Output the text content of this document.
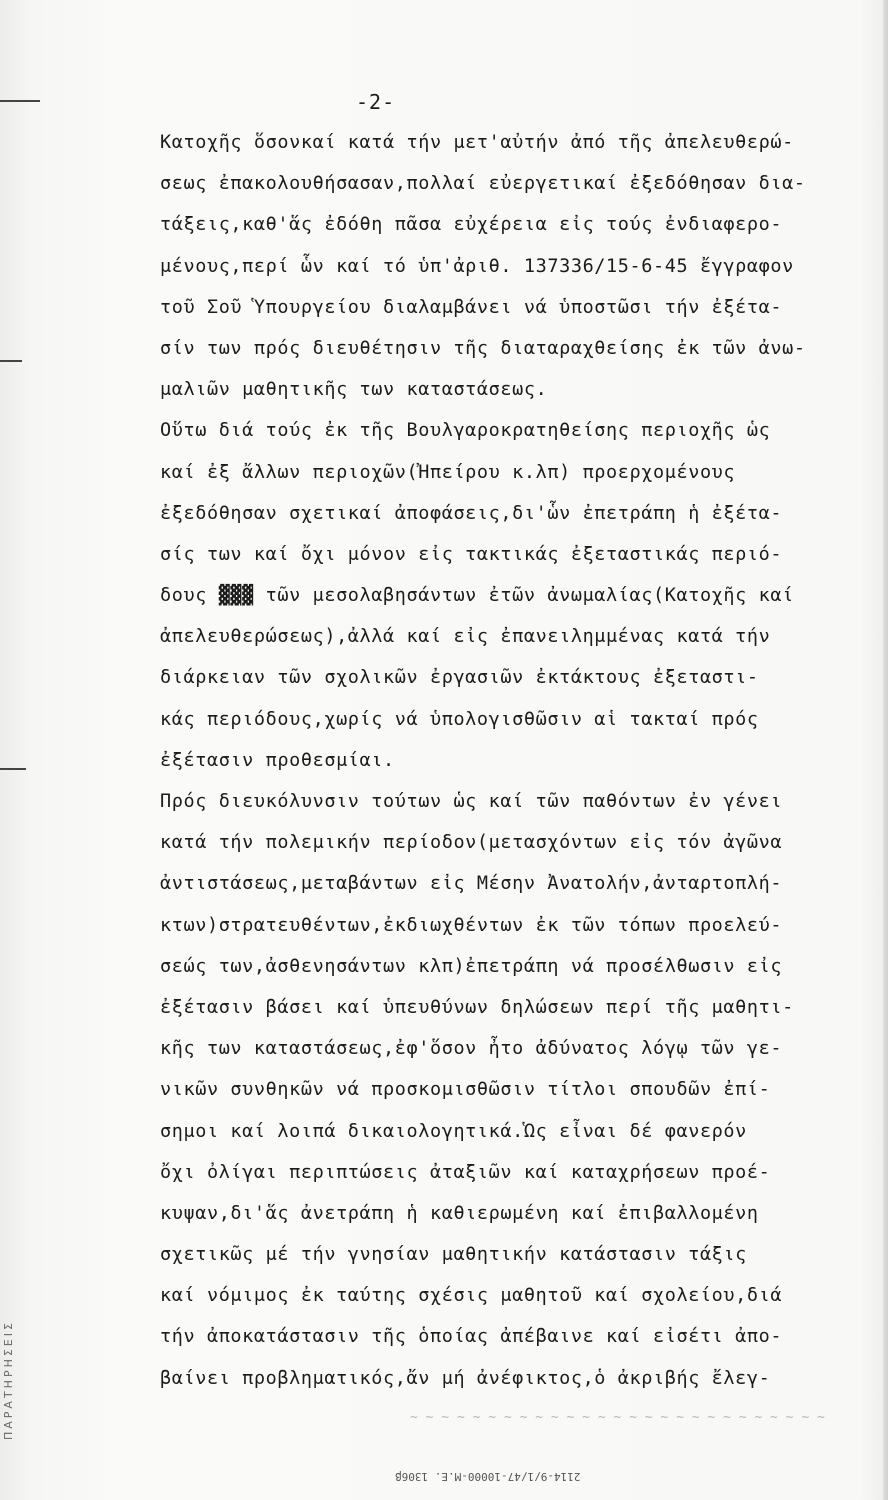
-2-
Κατοχῆς ὅσονκαί κατά τήν μετ'αὐτήν ἀπό τῆς ἀπελευθερώ-
σεως ἐπακολουθήσασαν,πολλαί εὐεργετικαί ἐξεδόθησαν δια-
τάξεις,καθ'ἅς ἐδόθη πᾶσα εὐχέρεια εἰς τούς ἐνδιαφερο-
μένους,περί ὧν καί τό ὑπ'ἀριθ. 137336/15-6-45 ἔγγραφον
τοῦ Σοῦ Ὑπουργείου διαλαμβάνει νά ὑποστῶσι τήν ἐξέτα-
σίν των πρός διευθέτησιν τῆς διαταραχθείσης ἐκ τῶν ἀνω-
μαλιῶν μαθητικῆς των καταστάσεως.
Οὕτω διά τούς ἐκ τῆς Βουλγαροκρατηθείσης περιοχῆς ὡς
καί ἐξ ἄλλων περιοχῶν(Ἠπείρου κ.λπ) προερχομένους
ἐξεδόθησαν σχετικαί ἀποφάσεις,δι'ὧν ἐπετράπη ἡ ἐξέτα-
σίς των καί ὄχι μόνον εἰς τακτικάς ἐξεταστικάς περιό-
δους ▓▓▓ τῶν μεσολαβησάντων ἐτῶν ἀνωμαλίας(Κατοχῆς καί
ἀπελευθερώσεως),ἀλλά καί εἰς ἐπανειλημμένας κατά τήν
διάρκειαν τῶν σχολικῶν ἐργασιῶν ἐκτάκτους ἐξεταστι-
κάς περιόδους,χωρίς νά ὑπολογισθῶσιν αἱ τακταί πρός
ἐξέτασιν προθεσμίαι.
Πρός διευκόλυνσιν τούτων ὡς καί τῶν παθόντων ἐν γένει
κατά τήν πολεμικήν περίοδον(μετασχόντων εἰς τόν ἀγῶνα
ἀντιστάσεως,μεταβάντων εἰς Μέσην Ἀνατολήν,ἀνταρτοπλή-
κτων)στρατευθέντων,ἐκδιωχθέντων ἐκ τῶν τόπων προελεύ-
σεώς των,ἀσθενησάντων κλπ)ἐπετράπη νά προσέλθωσιν εἰς
ἐξέτασιν βάσει καί ὑπευθύνων δηλώσεων περί τῆς μαθητι-
κῆς των καταστάσεως,ἐφ'ὅσον ἦτο ἀδύνατος λόγῳ τῶν γε-
νικῶν συνθηκῶν νά προσκομισθῶσιν τίτλοι σπουδῶν ἐπί-
σημοι καί λοιπά δικαιολογητικά.Ὡς εἶναι δέ φανερόν
ὄχι ὀλίγαι περιπτώσεις ἀταξιῶν καί καταχρήσεων προέ-
κυψαν,δι'ἅς ἀνετράπη ἡ καθιερωμένη καί ἐπιβαλλομένη
σχετικῶς μέ τήν γνησίαν μαθητικήν κατάστασιν τάξις
καί νόμιμος ἐκ ταύτης σχέσις μαθητοῦ καί σχολείου,διά
τήν ἀποκατάστασιν τῆς ὁποίας ἀπέβαινε καί εἰσέτι ἀπο-
βαίνει προβληματικός,ἄν μή ἀνέφικτος,ὁ ἀκριβής ἔλεγ-
ΠΑΡΑΤΗΡΗΣΕΙΣ	~ ~ ~ ~ ~ ~ ~ ~ ~ ~ ~ ~ ~ ~ ~ ~ ~ ~ ~ ~ ~ ~ ~ ~ ~ ~ ~
2114-9/1/47-10000-Μ.Ε. 1306β
